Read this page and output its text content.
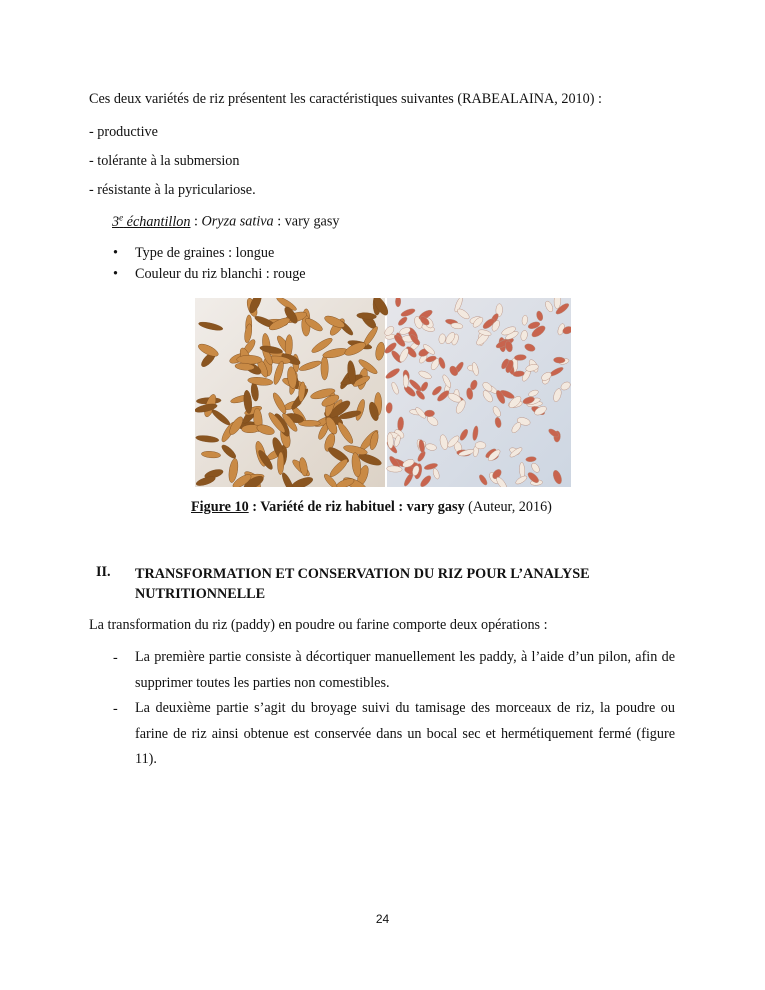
Ces deux variétés de riz présentent les caractéristiques suivantes (RABEALAINA, 2010) :
- productive
- tolérante à la submersion
- résistante à la pyriculariose.
3e échantillon : Oryza sativa : vary gasy
• Type de graines : longue
• Couleur du riz blanchi : rouge
Figure 10 : Variété de riz habituel : vary gasy (Auteur, 2016)
II. TRANSFORMATION ET CONSERVATION DU RIZ POUR L’ANALYSE NUTRITIONNELLE
La transformation du riz (paddy) en poudre ou farine comporte deux opérations :
- La première partie consiste à décortiquer manuellement les paddy, à l’aide d’un pilon, afin de supprimer toutes les parties non comestibles.
- La deuxième partie s’agit du broyage suivi du tamisage des morceaux de riz, la poudre ou farine de riz ainsi obtenue est conservée dans un bocal sec et hermétiquement fermé (figure 11).
24
